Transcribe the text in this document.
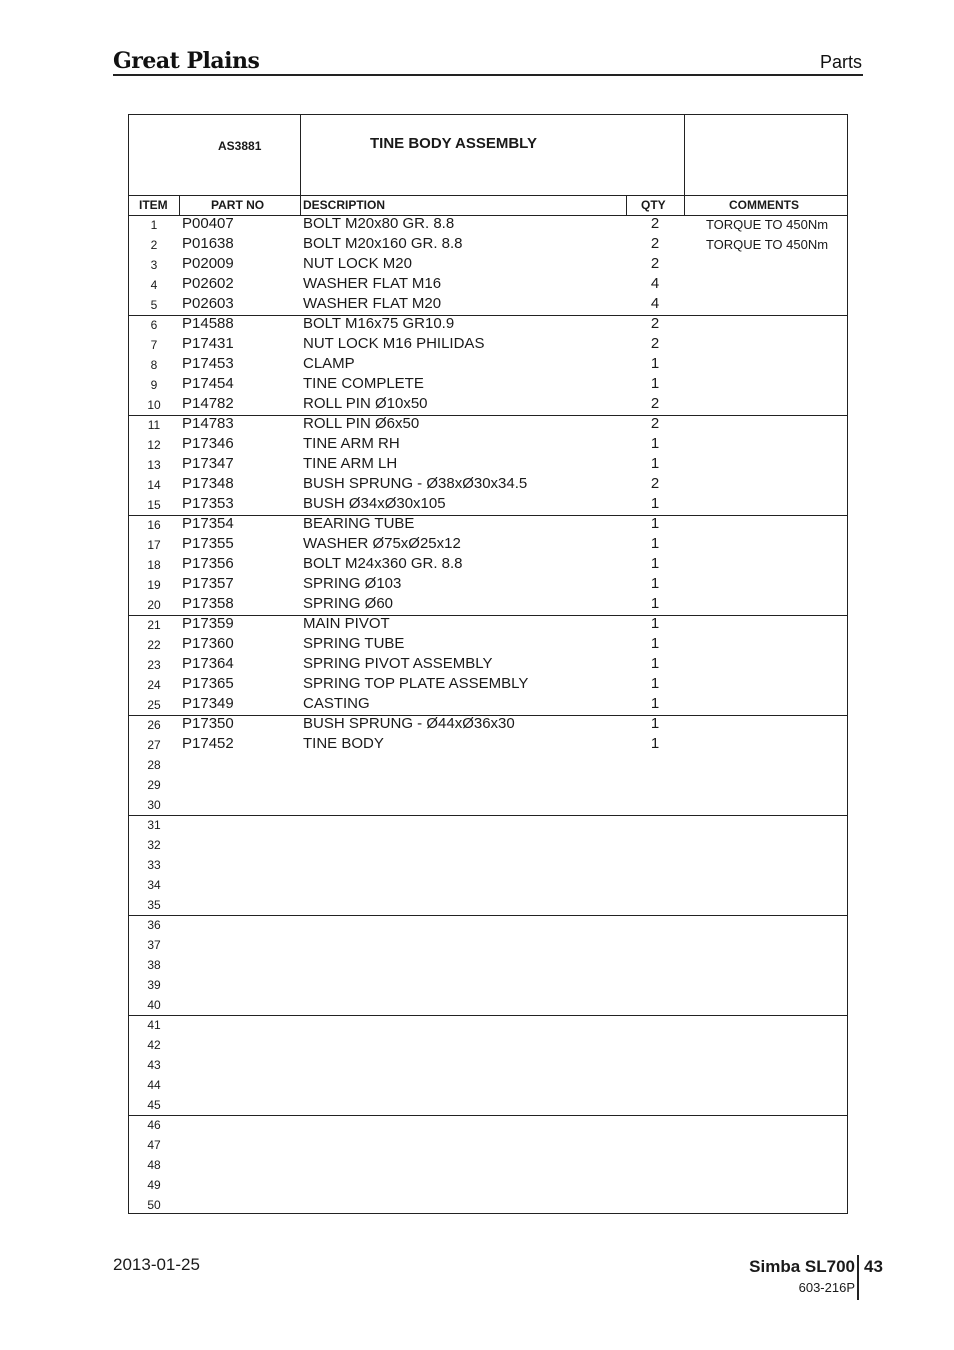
Great Plains	Parts
AS3881	TINE BODY ASSEMBLY
ITEM	PART NO	DESCRIPTION	QTY	COMMENTS
1	P00407	BOLT M20x80 GR. 8.8	2	TORQUE TO 450Nm
2	P01638	BOLT M20x160 GR. 8.8	2	TORQUE TO 450Nm
3	P02009	NUT LOCK M20	2
4	P02602	WASHER FLAT M16	4
5	P02603	WASHER FLAT M20	4
6	P14588	BOLT M16x75 GR10.9	2
7	P17431	NUT LOCK M16 PHILIDAS	2
8	P17453	CLAMP	1
9	P17454	TINE COMPLETE	1
10	P14782	ROLL PIN Ø10x50	2
11	P14783	ROLL PIN Ø6x50	2
12	P17346	TINE ARM RH	1
13	P17347	TINE ARM LH	1
14	P17348	BUSH SPRUNG - Ø38xØ30x34.5	2
15	P17353	BUSH Ø34xØ30x105	1
16	P17354	BEARING TUBE	1
17	P17355	WASHER Ø75xØ25x12	1
18	P17356	BOLT M24x360 GR. 8.8	1
19	P17357	SPRING Ø103	1
20	P17358	SPRING Ø60	1
21	P17359	MAIN PIVOT	1
22	P17360	SPRING TUBE	1
23	P17364	SPRING PIVOT ASSEMBLY	1
24	P17365	SPRING TOP PLATE ASSEMBLY	1
25	P17349	CASTING	1
26	P17350	BUSH SPRUNG - Ø44xØ36x30	1
27	P17452	TINE BODY	1
28
29
30
31
32
33
34
35
36
37
38
39
40
41
42
43
44
45
46
47
48
49
50
2013-01-25	Simba SL700
603-216P
43
